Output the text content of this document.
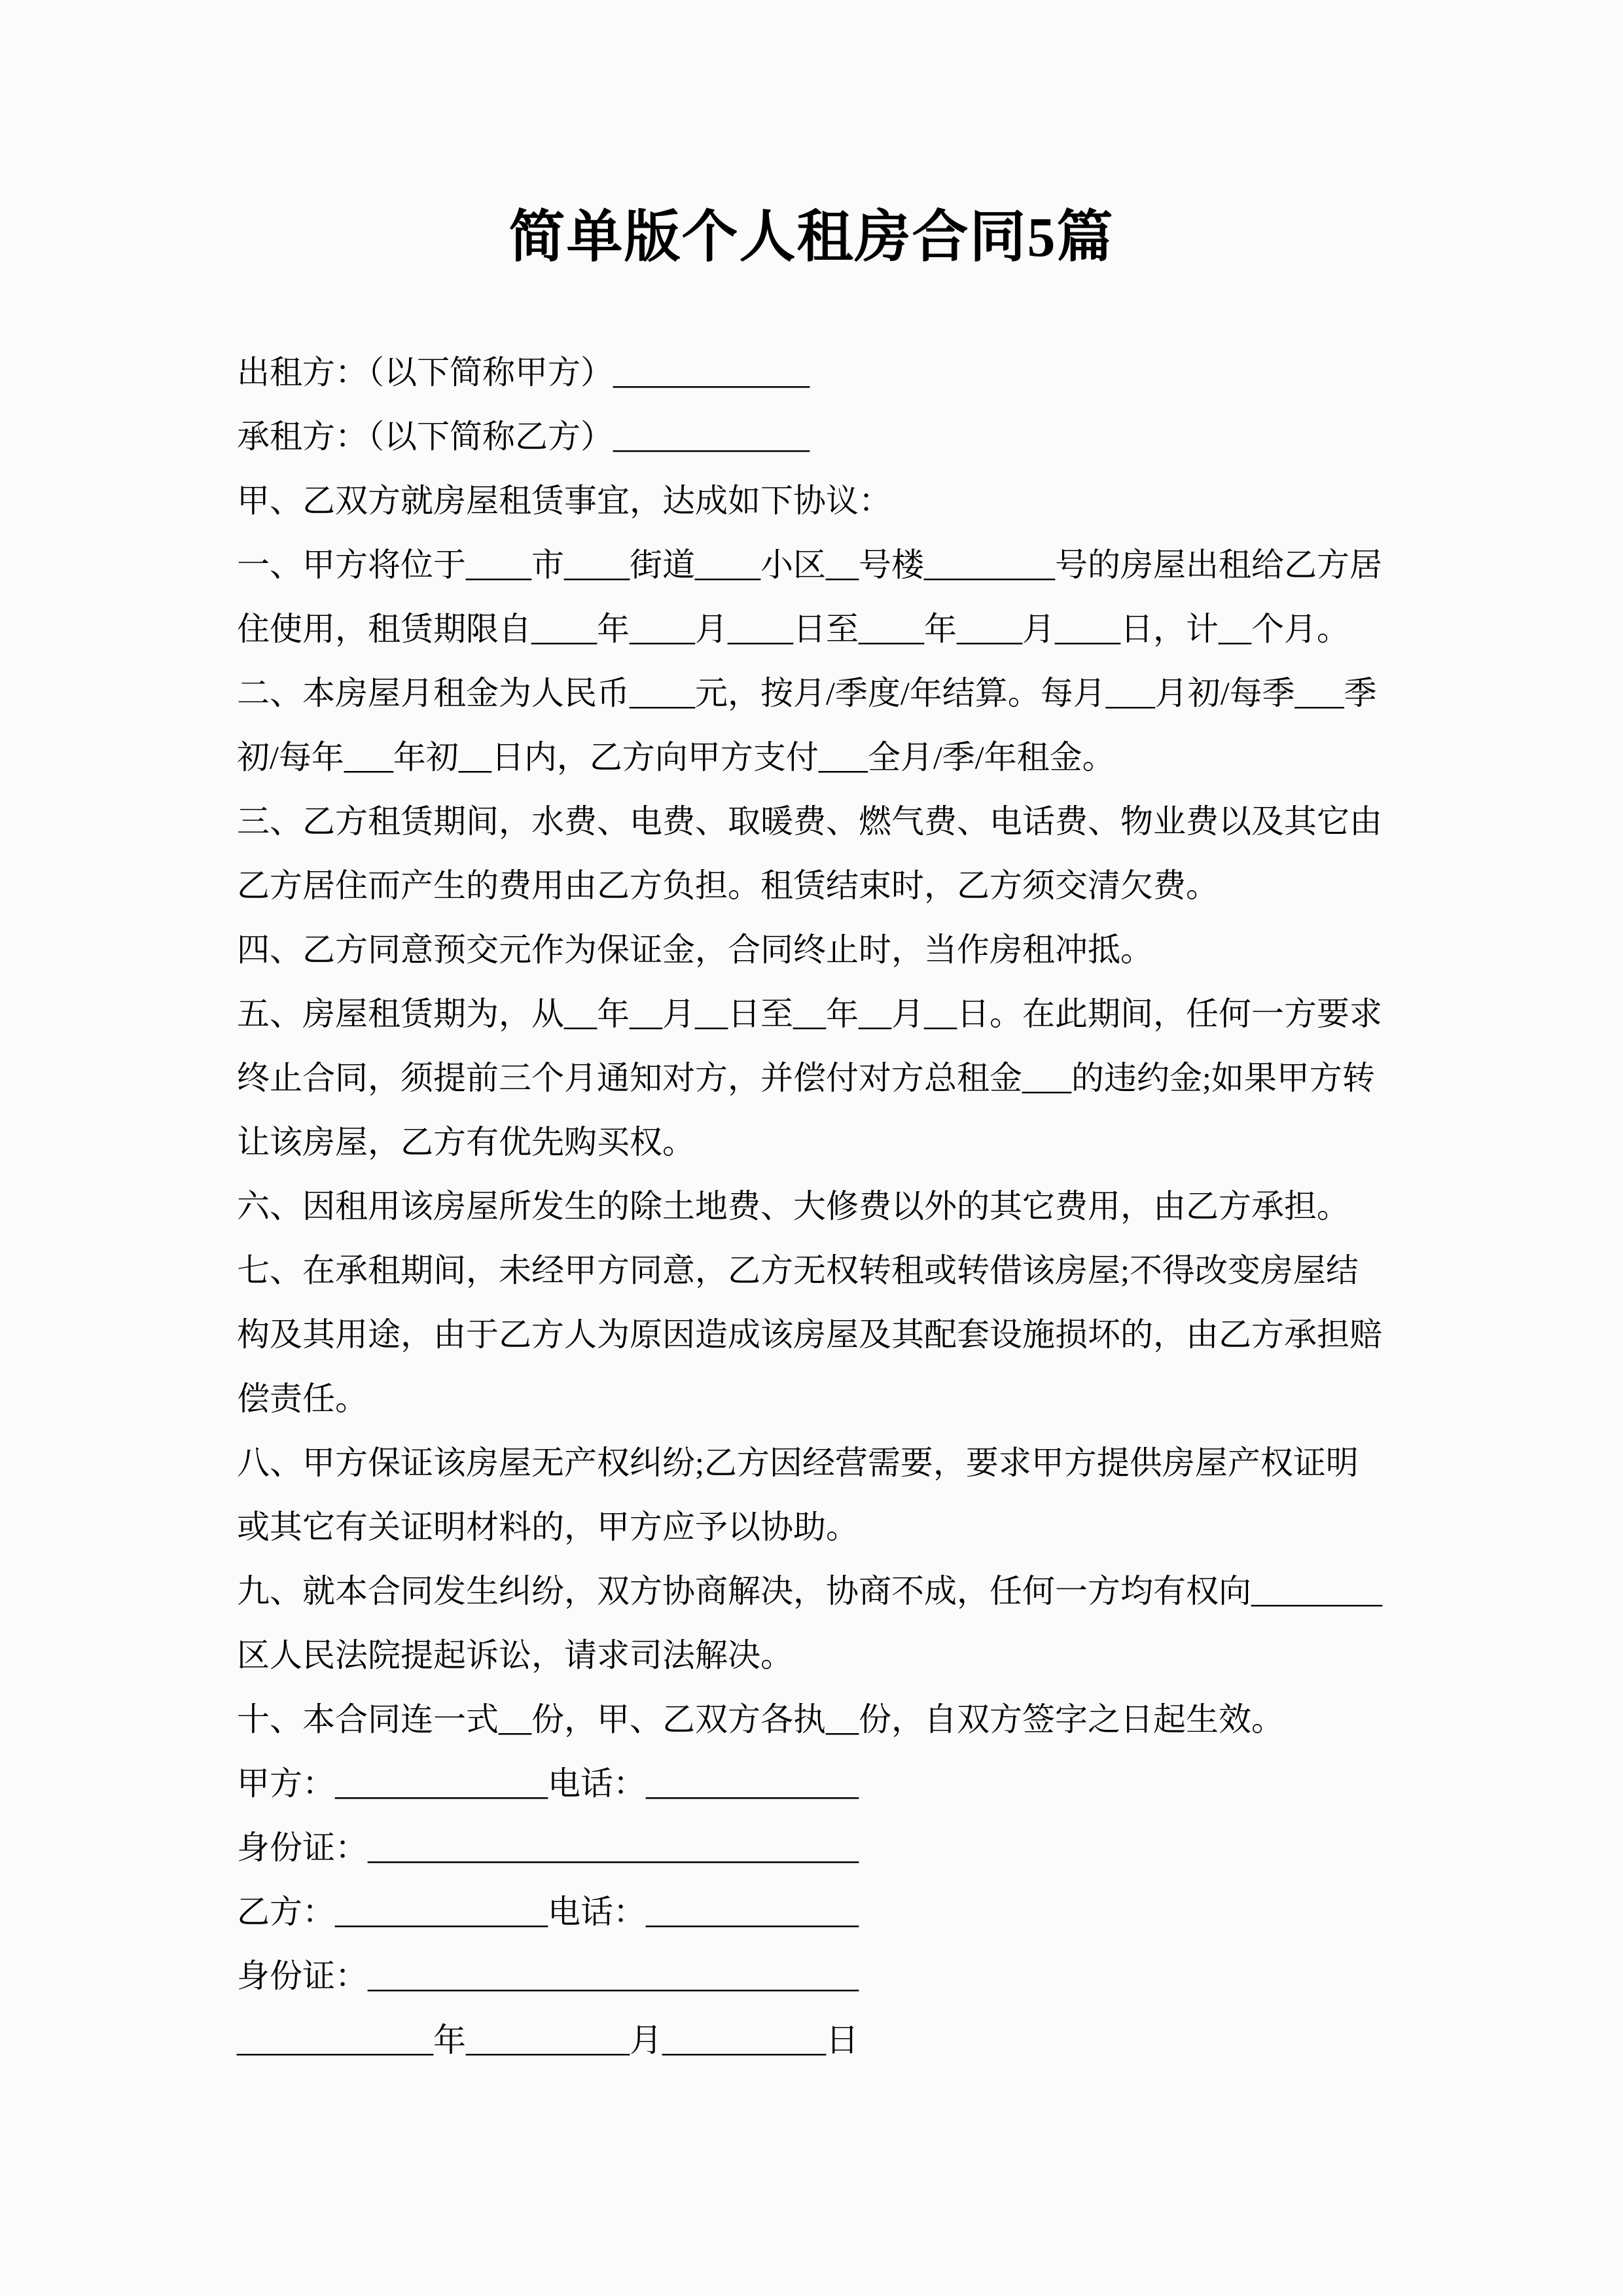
简单版个人租房合同5篇

出租方：（以下简称甲方）____________

承租方：（以下简称乙方）____________

甲、乙双方就房屋租赁事宜，达成如下协议：

一、甲方将位于____市____街道____小区__号楼________号的房屋出租给乙方居住使用，租赁期限自____年____月____日至____年____月____日，计__个月。

二、本房屋月租金为人民币____元，按月/季度/年结算。每月___月初/每季___季初/每年___年初__日内，乙方向甲方支付___全月/季/年租金。

三、乙方租赁期间，水费、电费、取暖费、燃气费、电话费、物业费以及其它由乙方居住而产生的费用由乙方负担。租赁结束时，乙方须交清欠费。

四、乙方同意预交元作为保证金，合同终止时，当作房租冲抵。

五、房屋租赁期为，从__年__月__日至__年__月__日。在此期间，任何一方要求终止合同，须提前三个月通知对方，并偿付对方总租金___的违约金;如果甲方转让该房屋，乙方有优先购买权。

六、因租用该房屋所发生的除土地费、大修费以外的其它费用，由乙方承担。

七、在承租期间，未经甲方同意，乙方无权转租或转借该房屋;不得改变房屋结构及其用途，由于乙方人为原因造成该房屋及其配套设施损坏的，由乙方承担赔偿责任。

八、甲方保证该房屋无产权纠纷;乙方因经营需要，要求甲方提供房屋产权证明或其它有关证明材料的，甲方应予以协助。

九、就本合同发生纠纷，双方协商解决，协商不成，任何一方均有权向________区人民法院提起诉讼，请求司法解决。

十、本合同连一式__份，甲、乙双方各执__份，自双方签字之日起生效。

甲方：_____________电话：_____________

身份证：______________________________

乙方：_____________电话：_____________

身份证：______________________________

____________年__________月__________日
